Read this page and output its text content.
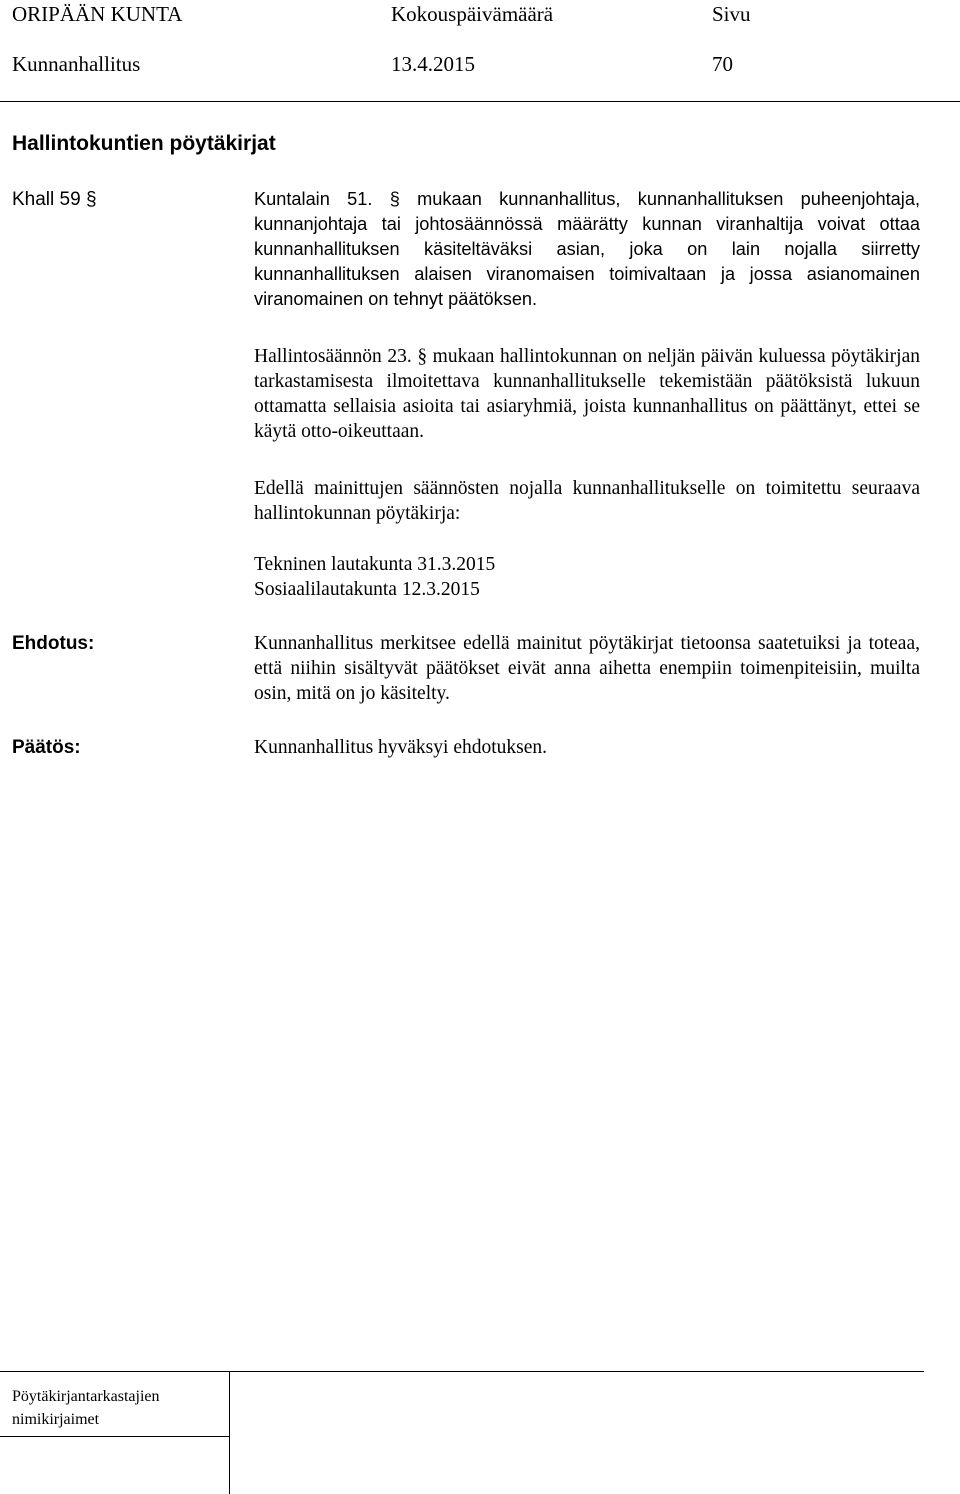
ORIPÄÄN KUNTA	Kokouspäivämäärä	Sivu
Kunnanhallitus	13.4.2015	70
Hallintokuntien pöytäkirjat
Khall 59 §	Kuntalain 51. § mukaan kunnanhallitus, kunnanhallituksen puheenjohtaja, kunnanjohtaja tai johtosäännössä määrätty kunnan viranhaltija voivat ottaa kunnanhallituksen käsiteltäväksi asian, joka on lain nojalla siirretty kunnanhallituksen alaisen viranomaisen toimivaltaan ja jossa asianomainen viranomainen on tehnyt päätöksen.
Hallintosäännön 23. § mukaan hallintokunnan on neljän päivän kuluessa pöytäkirjan tarkastamisesta ilmoitettava kunnanhallitukselle tekemistään päätöksistä lukuun ottamatta sellaisia asioita tai asiaryhmiä, joista kunnanhallitus on päättänyt, ettei se käytä otto-oikeuttaan.
Edellä mainittujen säännösten nojalla kunnanhallitukselle on toimitettu seuraava hallintokunnan pöytäkirja:
Tekninen lautakunta 31.3.2015
Sosiaalilautakunta 12.3.2015
Ehdotus:	Kunnanhallitus merkitsee edellä mainitut pöytäkirjat tietoonsa saatetuiksi ja toteaa, että niihin sisältyvät päätökset eivät anna aihetta enempiin toimenpiteisiin, muilta osin, mitä on jo käsitelty.
Päätös:	Kunnanhallitus hyväksyi ehdotuksen.
Pöytäkirjantarkastajien nimikirjaimet
